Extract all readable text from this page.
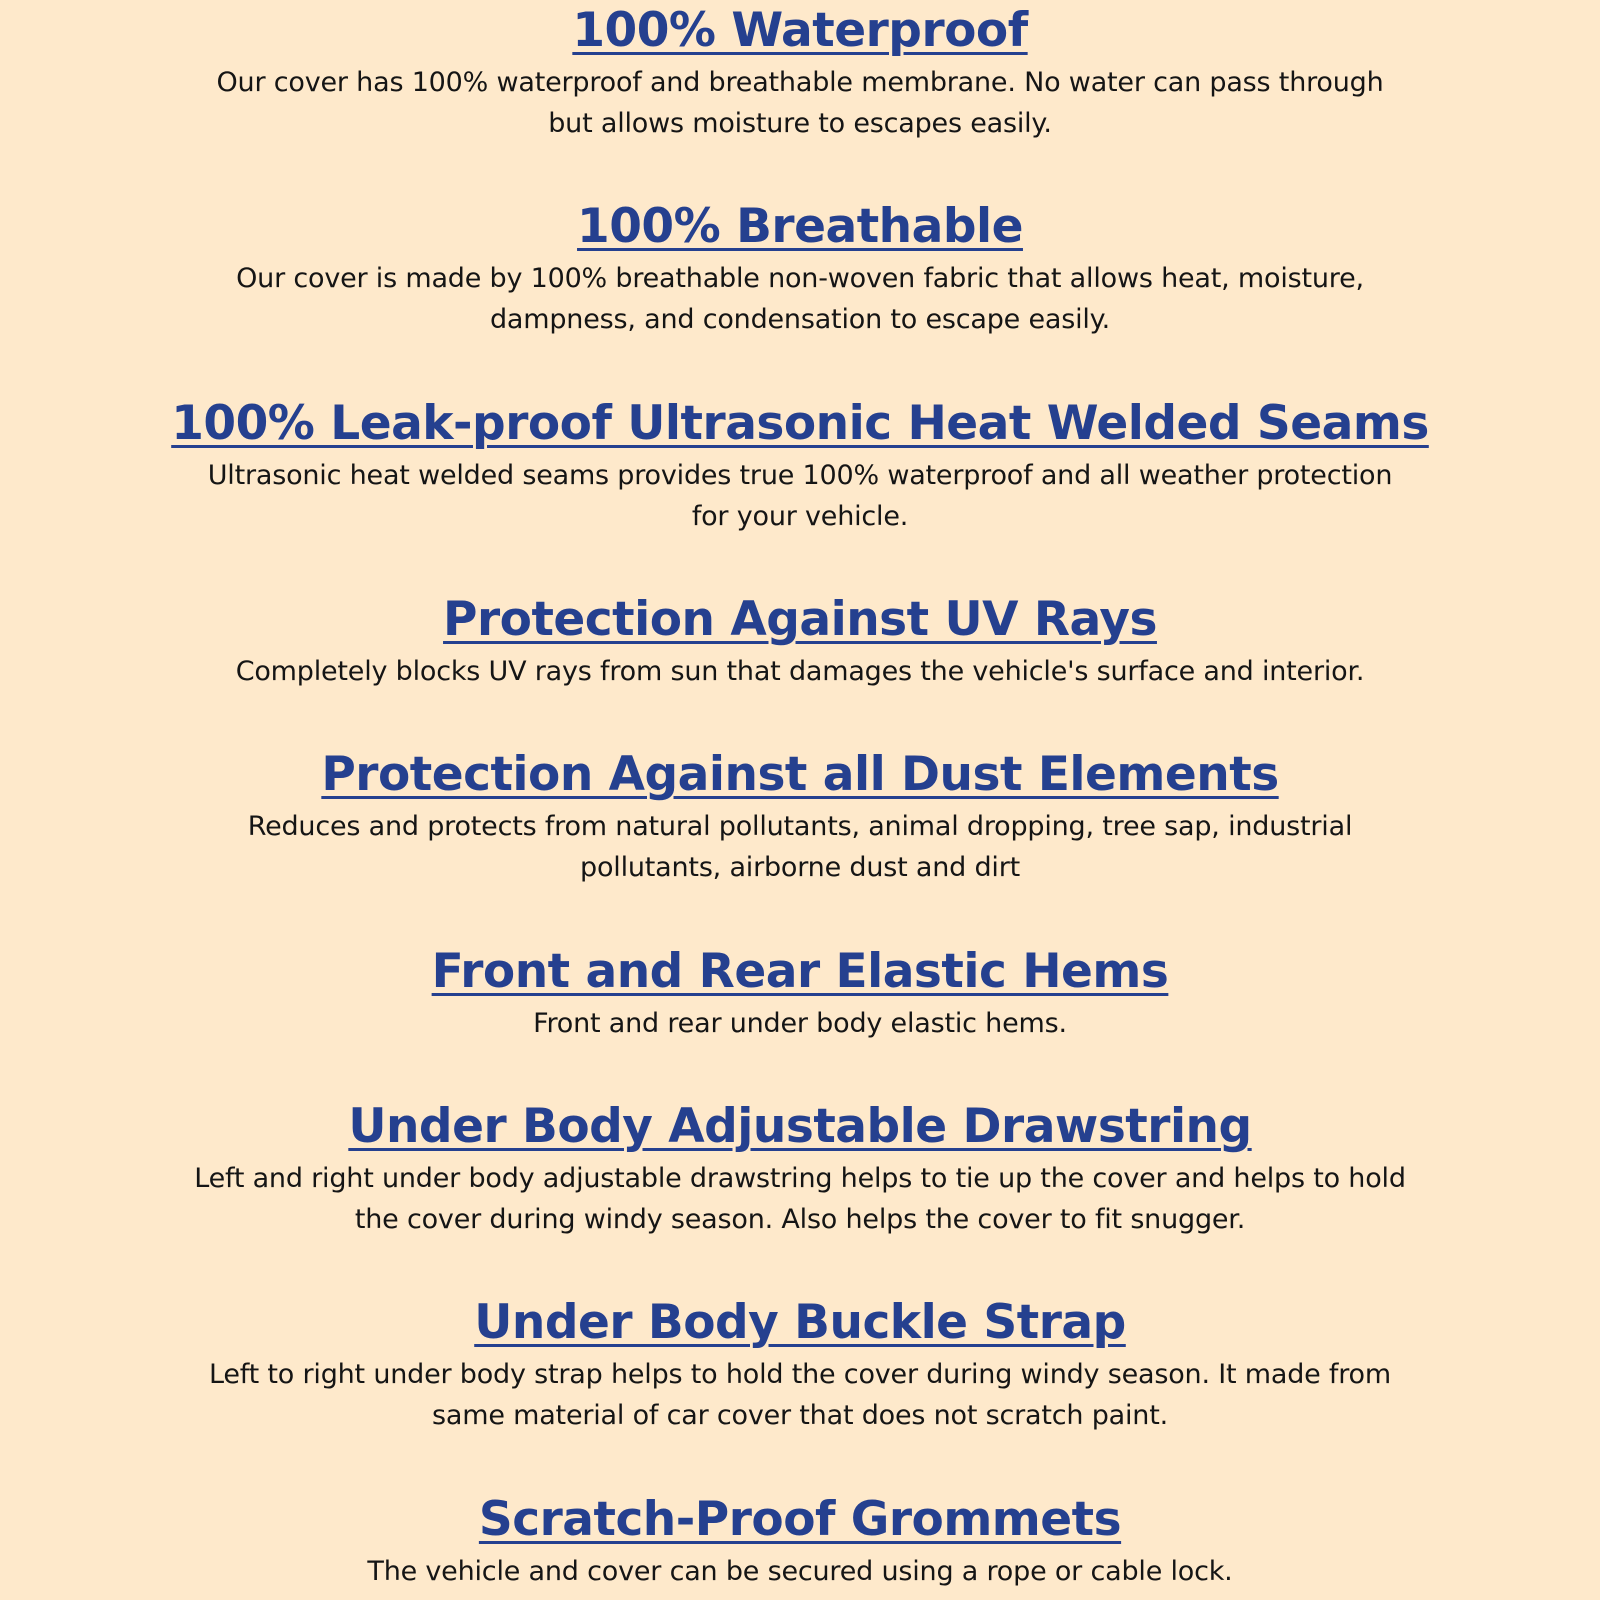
100% Waterproof

Our cover has 100% waterproof and breathable membrane. No water can pass through but allows moisture to escapes easily.

100% Breathable

Our cover is made by 100% breathable non-woven fabric that allows heat, moisture, dampness, and condensation to escape easily.

100% Leak-proof Ultrasonic Heat Welded Seams

Ultrasonic heat welded seams provides true 100% waterproof and all weather protection for your vehicle.

Protection Against UV Rays

Completely blocks UV rays from sun that damages the vehicle's surface and interior.

Protection Against all Dust Elements

Reduces and protects from natural pollutants, animal dropping, tree sap, industrial pollutants, airborne dust and dirt

Front and Rear Elastic Hems

Front and rear under body elastic hems.

Under Body Adjustable Drawstring

Left and right under body adjustable drawstring helps to tie up the cover and helps to hold the cover during windy season. Also helps the cover to fit snugger.

Under Body Buckle Strap

Left to right under body strap helps to hold the cover during windy season. It made from same material of car cover that does not scratch paint.

Scratch-Proof Grommets

The vehicle and cover can be secured using a rope or cable lock.
